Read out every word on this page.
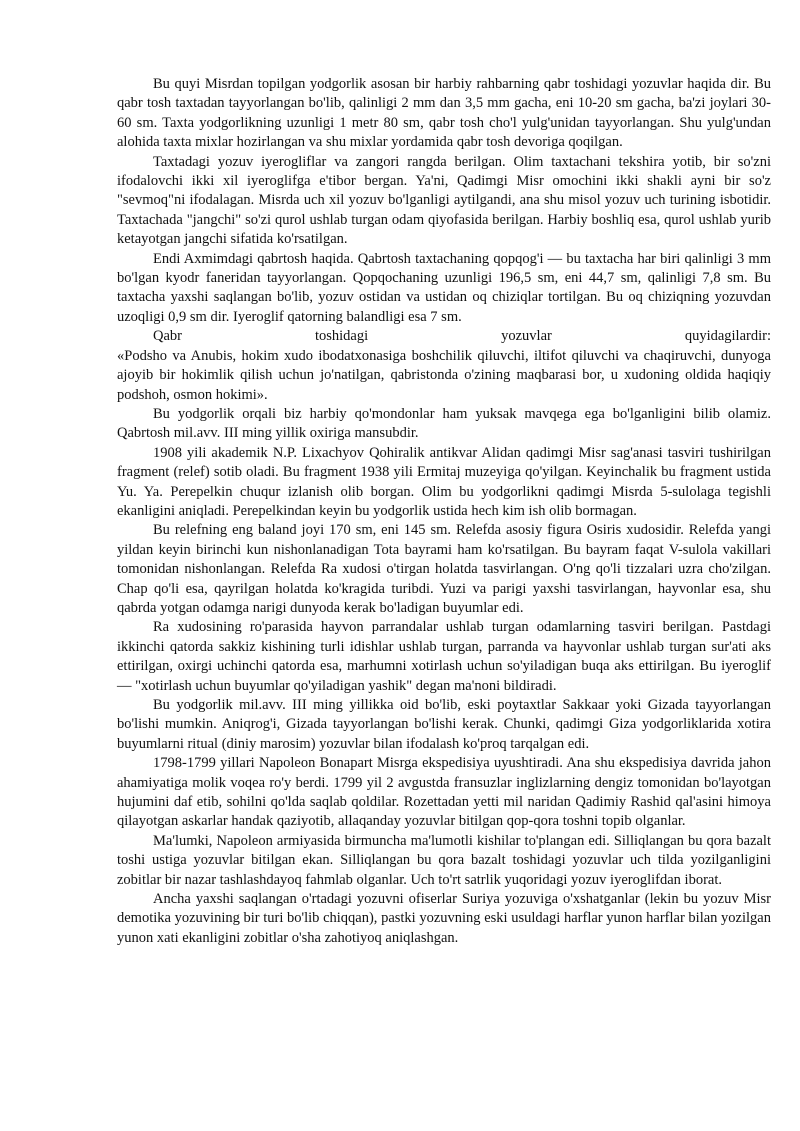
Bu quyi Misrdan topilgan yodgorlik asosan bir harbiy rahbarning qabr toshidagi yozuvlar haqida dir. Bu qabr tosh taxtadan tayyorlangan bo'lib, qalinligi 2 mm dan 3,5 mm gacha, eni 10-20 sm gacha, ba'zi joylari 30-60 sm. Taxta yodgorlikning uzunligi 1 metr 80 sm, qabr tosh cho'l yulg'unidan tayyorlangan. Shu yulg'undan alohida taxta mixlar hozirlangan va shu mixlar yordamida qabr tosh devoriga qoqilgan.

Taxtadagi yozuv iyerogliflar va zangori rangda berilgan. Olim taxtachani tekshira yotib, bir so'zni ifodalovchi ikki xil iyeroglifga e'tibor bergan. Ya'ni, Qadimgi Misr omochini ikki shakli ayni bir so'z "sevmoq"ni ifodalagan. Misrda uch xil yozuv bo'lganligi aytilgandi, ana shu misol yozuv uch turining isbotidir. Taxtachada "jangchi" so'zi qurol ushlab turgan odam qiyofasida berilgan. Harbiy boshliq esa, qurol ushlab yurib ketayotgan jangchi sifatida ko'rsatilgan.

Endi Axmimdagi qabrtosh haqida. Qabrtosh taxtachaning qopqog'i — bu taxtacha har biri qalinligi 3 mm bo'lgan kyodr faneridan tayyorlangan. Qopqochaning uzunligi 196,5 sm, eni 44,7 sm, qalinligi 7,8 sm. Bu taxtacha yaxshi saqlangan bo'lib, yozuv ostidan va ustidan oq chiziqlar tortilgan. Bu oq chiziqning yozuvdan uzoqligi 0,9 sm dir. Iyeroglif qatorning balandligi esa 7 sm.

Qabr	toshidagi	yozuvlar	quyidagilardir:

«Podsho va Anubis, hokim xudo ibodatxonasiga boshchilik qiluvchi, iltifot qiluvchi va chaqiruvchi, dunyoga ajoyib bir hokimlik qilish uchun jo'natilgan, qabristonda o'zining maqbarasi bor, u xudoning oldida haqiqiy podshoh, osmon hokimi».

Bu yodgorlik orqali biz harbiy qo'mondonlar ham yuksak mavqega ega bo'lganligini bilib olamiz. Qabrtosh mil.avv. III ming yillik oxiriga mansubdir.

1908 yili akademik N.P. Lixachyov Qohiralik antikvar Alidan qadimgi Misr sag'anasi tasviri tushirilgan fragment (relef) sotib oladi. Bu fragment 1938 yili Ermitaj muzeyiga qo'yilgan. Keyinchalik bu fragment ustida Yu. Ya. Perepelkin chuqur izlanish olib borgan. Olim bu yodgorlikni qadimgi Misrda 5-sulolaga tegishli ekanligini aniqladi. Perepelkindan keyin bu yodgorlik ustida hech kim ish olib bormagan.

Bu relefning eng baland joyi 170 sm, eni 145 sm. Relefda asosiy figura Osiris xudosidir. Relefda yangi yildan keyin birinchi kun nishonlanadigan Tota bayrami ham ko'rsatilgan. Bu bayram faqat V-sulola vakillari tomonidan nishonlangan. Relefda Ra xudosi o'tirgan holatda tasvirlangan. O'ng qo'li tizzalari uzra cho'zilgan. Chap qo'li esa, qayrilgan holatda ko'kragida turibdi. Yuzi va parigi yaxshi tasvirlangan, hayvonlar esa, shu qabrda yotgan odamga narigi dunyoda kerak bo'ladigan buyumlar edi.

Ra xudosining ro'parasida hayvon parrandalar ushlab turgan odamlarning tasviri berilgan. Pastdagi ikkinchi qatorda sakkiz kishining turli idishlar ushlab turgan, parranda va hayvonlar ushlab turgan sur'ati aks ettirilgan, oxirgi uchinchi qatorda esa, marhumni xotirlash uchun so'yiladigan buqa aks ettirilgan. Bu iyeroglif — "xotirlash uchun buyumlar qo'yiladigan yashik" degan ma'noni bildiradi.

Bu yodgorlik mil.avv. III ming yillikka oid bo'lib, eski poytaxtlar Sakkaar yoki Gizada tayyorlangan bo'lishi mumkin. Aniqrog'i, Gizada tayyorlangan bo'lishi kerak. Chunki, qadimgi Giza yodgorliklarida xotira buyumlarni ritual (diniy marosim) yozuvlar bilan ifodalash ko'proq tarqalgan edi.

1798-1799 yillari Napoleon Bonapart Misrga ekspedisiya uyushtiradi. Ana shu ekspedisiya davrida jahon ahamiyatiga molik voqea ro'y berdi. 1799 yil 2 avgustda fransuzlar inglizlarning dengiz tomonidan bo'layotgan hujumini daf etib, sohilni qo'lda saqlab qoldilar. Rozettadan yetti mil naridan Qadimiy Rashid qal'asini himoya qilayotgan askarlar handak qaziyotib, allaqanday yozuvlar bitilgan qop-qora toshni topib olganlar.

Ma'lumki, Napoleon armiyasida birmuncha ma'lumotli kishilar to'plangan edi. Silliqlangan bu qora bazalt toshi ustiga yozuvlar bitilgan ekan. Silliqlangan bu qora bazalt toshidagi yozuvlar uch tilda yozilganligini zobitlar bir nazar tashlashdayoq fahmlab olganlar. Uch to'rt satrlik yuqoridagi yozuv iyeroglifdan iborat.

Ancha yaxshi saqlangan o'rtadagi yozuvni ofiserlar Suriya yozuviga o'xshatganlar (lekin bu yozuv Misr demotika yozuvining bir turi bo'lib chiqqan), pastki yozuvning eski usuldagi harflar yunon harflar bilan yozilgan yunon xati ekanligini zobitlar o'sha zahotiyoq aniqlashgan.
